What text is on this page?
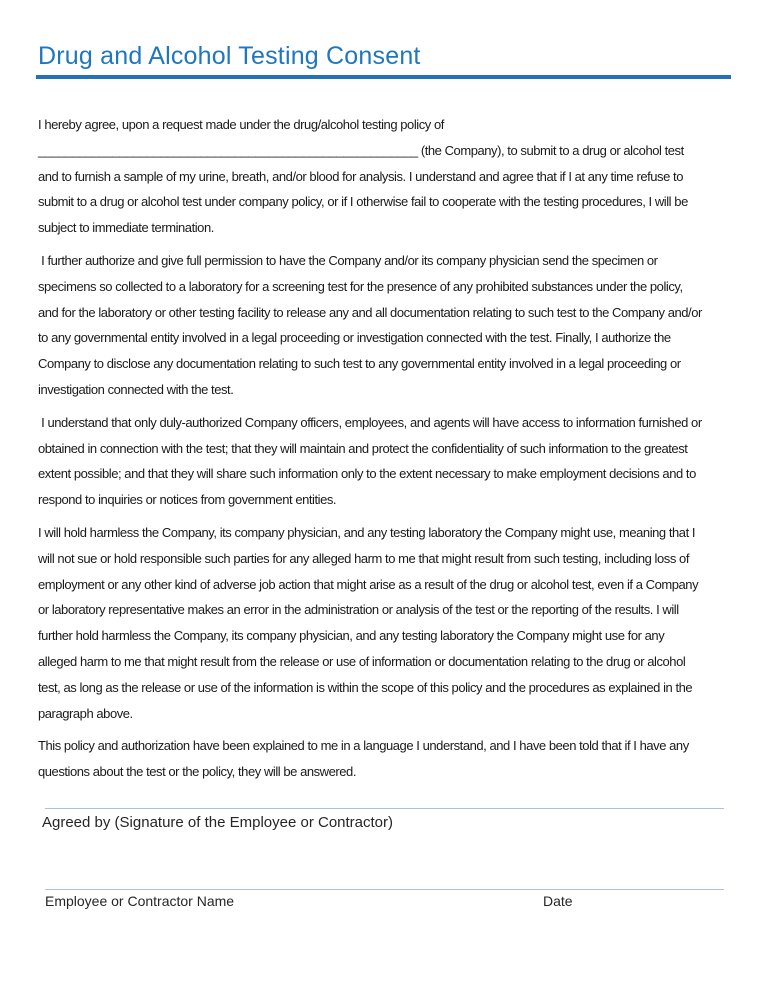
Drug and Alcohol Testing Consent

I hereby agree, upon a request made under the drug/alcohol testing policy of ________________________________________________________ (the Company), to submit to a drug or alcohol test and to furnish a sample of my urine, breath, and/or blood for analysis. I understand and agree that if I at any time refuse to submit to a drug or alcohol test under company policy, or if I otherwise fail to cooperate with the testing procedures, I will be subject to immediate termination.

I further authorize and give full permission to have the Company and/or its company physician send the specimen or specimens so collected to a laboratory for a screening test for the presence of any prohibited substances under the policy, and for the laboratory or other testing facility to release any and all documentation relating to such test to the Company and/or to any governmental entity involved in a legal proceeding or investigation connected with the test. Finally, I authorize the Company to disclose any documentation relating to such test to any governmental entity involved in a legal proceeding or investigation connected with the test.

I understand that only duly-authorized Company officers, employees, and agents will have access to information furnished or obtained in connection with the test; that they will maintain and protect the confidentiality of such information to the greatest extent possible; and that they will share such information only to the extent necessary to make employment decisions and to respond to inquiries or notices from government entities.

I will hold harmless the Company, its company physician, and any testing laboratory the Company might use, meaning that I will not sue or hold responsible such parties for any alleged harm to me that might result from such testing, including loss of employment or any other kind of adverse job action that might arise as a result of the drug or alcohol test, even if a Company or laboratory representative makes an error in the administration or analysis of the test or the reporting of the results. I will further hold harmless the Company, its company physician, and any testing laboratory the Company might use for any alleged harm to me that might result from the release or use of information or documentation relating to the drug or alcohol test, as long as the release or use of the information is within the scope of this policy and the procedures as explained in the paragraph above.

This policy and authorization have been explained to me in a language I understand, and I have been told that if I have any questions about the test or the policy, they will be answered.

Agreed by (Signature of the Employee or Contractor)

Employee or Contractor Name	Date
